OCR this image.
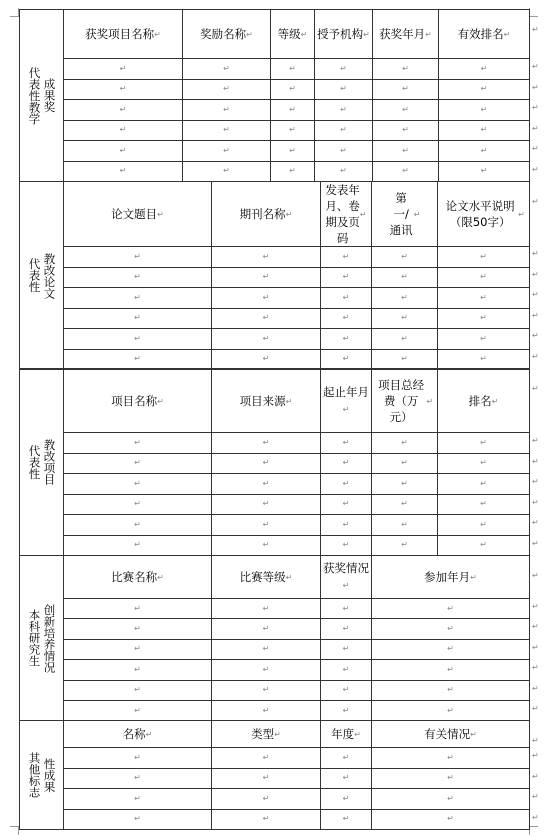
成果奖
代表性教学	获奖项目名称↵	奖励名称↵	等级↵	授予机构↵	获奖年月↵	有效排名↵
↵	↵	↵	↵	↵	↵
↵	↵	↵	↵	↵	↵
↵	↵	↵	↵	↵	↵
↵	↵	↵	↵	↵	↵
↵	↵	↵	↵	↵	↵
↵	↵	↵	↵	↵	↵
教改论文
代表性	论文题目↵	期刊名称↵	发表年月、卷期及页码↵	第一/通讯↵	论文水平说明（限50字）↵
↵	↵	↵	↵	↵
↵	↵	↵	↵	↵
↵	↵	↵	↵	↵
↵	↵	↵	↵	↵
↵	↵	↵	↵	↵
↵	↵	↵	↵	↵
教改项目
代表性	项目名称↵	项目来源↵	起止年月↵	项目总经费（万元）↵	排名↵
↵	↵	↵	↵	↵
↵	↵	↵	↵	↵
↵	↵	↵	↵	↵
↵	↵	↵	↵	↵
↵	↵	↵	↵	↵
↵	↵	↵	↵	↵
创新培养情况
本科研究生	比赛名称↵	比赛等级↵	获奖情况↵	参加年月↵
↵	↵	↵	↵
↵	↵	↵	↵
↵	↵	↵	↵
↵	↵	↵	↵
↵	↵	↵	↵
↵	↵	↵	↵
性成果
其他标志	名称↵	类型↵	年度↵	有关情况↵
↵	↵	↵	↵
↵	↵	↵	↵
↵	↵	↵	↵
↵	↵	↵	↵
↵
↵
↵
↵
↵
↵
↵
↵
↵
↵
↵
↵
↵
↵
↵
↵
↵
↵
↵
↵
↵
↵
↵
↵
↵
↵
↵
↵
↵
↵
↵
↵
↵
